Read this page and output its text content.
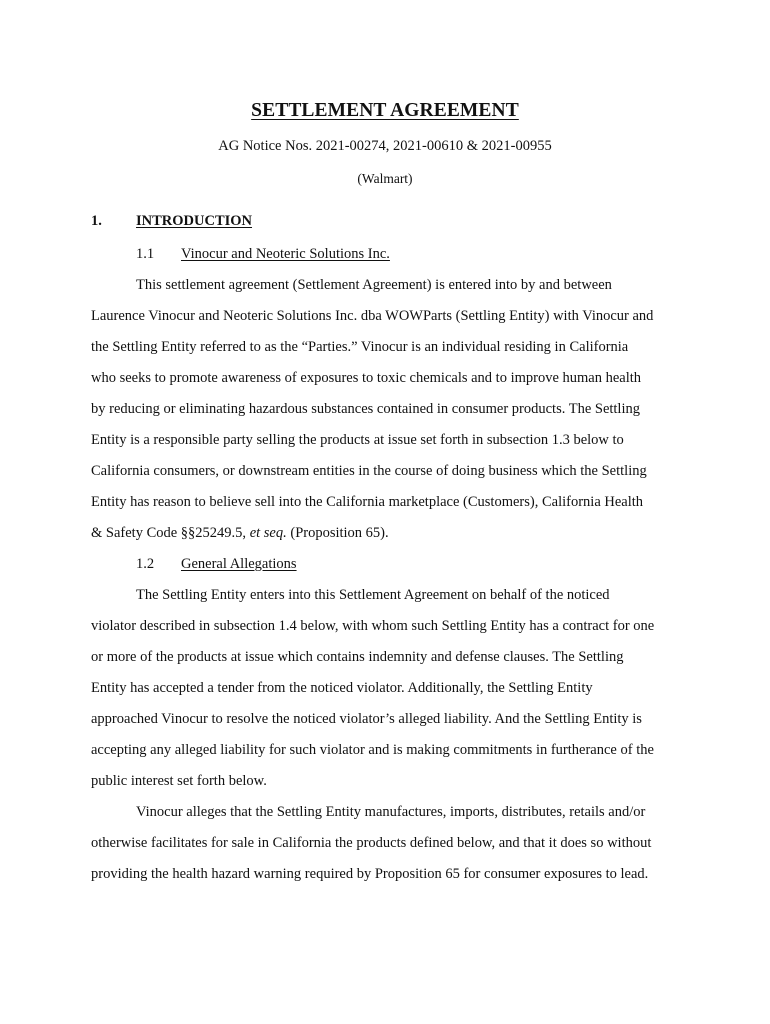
SETTLEMENT AGREEMENT
AG Notice Nos. 2021-00274, 2021-00610 & 2021-00955
(Walmart)
1. INTRODUCTION
1.1 Vinocur and Neoteric Solutions Inc.
This settlement agreement (Settlement Agreement) is entered into by and between
Laurence Vinocur and Neoteric Solutions Inc. dba WOWParts (Settling Entity) with Vinocur and
the Settling Entity referred to as the “Parties.” Vinocur is an individual residing in California
who seeks to promote awareness of exposures to toxic chemicals and to improve human health
by reducing or eliminating hazardous substances contained in consumer products. The Settling
Entity is a responsible party selling the products at issue set forth in subsection 1.3 below to
California consumers, or downstream entities in the course of doing business which the Settling
Entity has reason to believe sell into the California marketplace (Customers), California Health
& Safety Code §§25249.5, et seq. (Proposition 65).
1.2 General Allegations
The Settling Entity enters into this Settlement Agreement on behalf of the noticed
violator described in subsection 1.4 below, with whom such Settling Entity has a contract for one
or more of the products at issue which contains indemnity and defense clauses. The Settling
Entity has accepted a tender from the noticed violator. Additionally, the Settling Entity
approached Vinocur to resolve the noticed violator’s alleged liability. And the Settling Entity is
accepting any alleged liability for such violator and is making commitments in furtherance of the
public interest set forth below.
Vinocur alleges that the Settling Entity manufactures, imports, distributes, retails and/or
otherwise facilitates for sale in California the products defined below, and that it does so without
providing the health hazard warning required by Proposition 65 for consumer exposures to lead.
